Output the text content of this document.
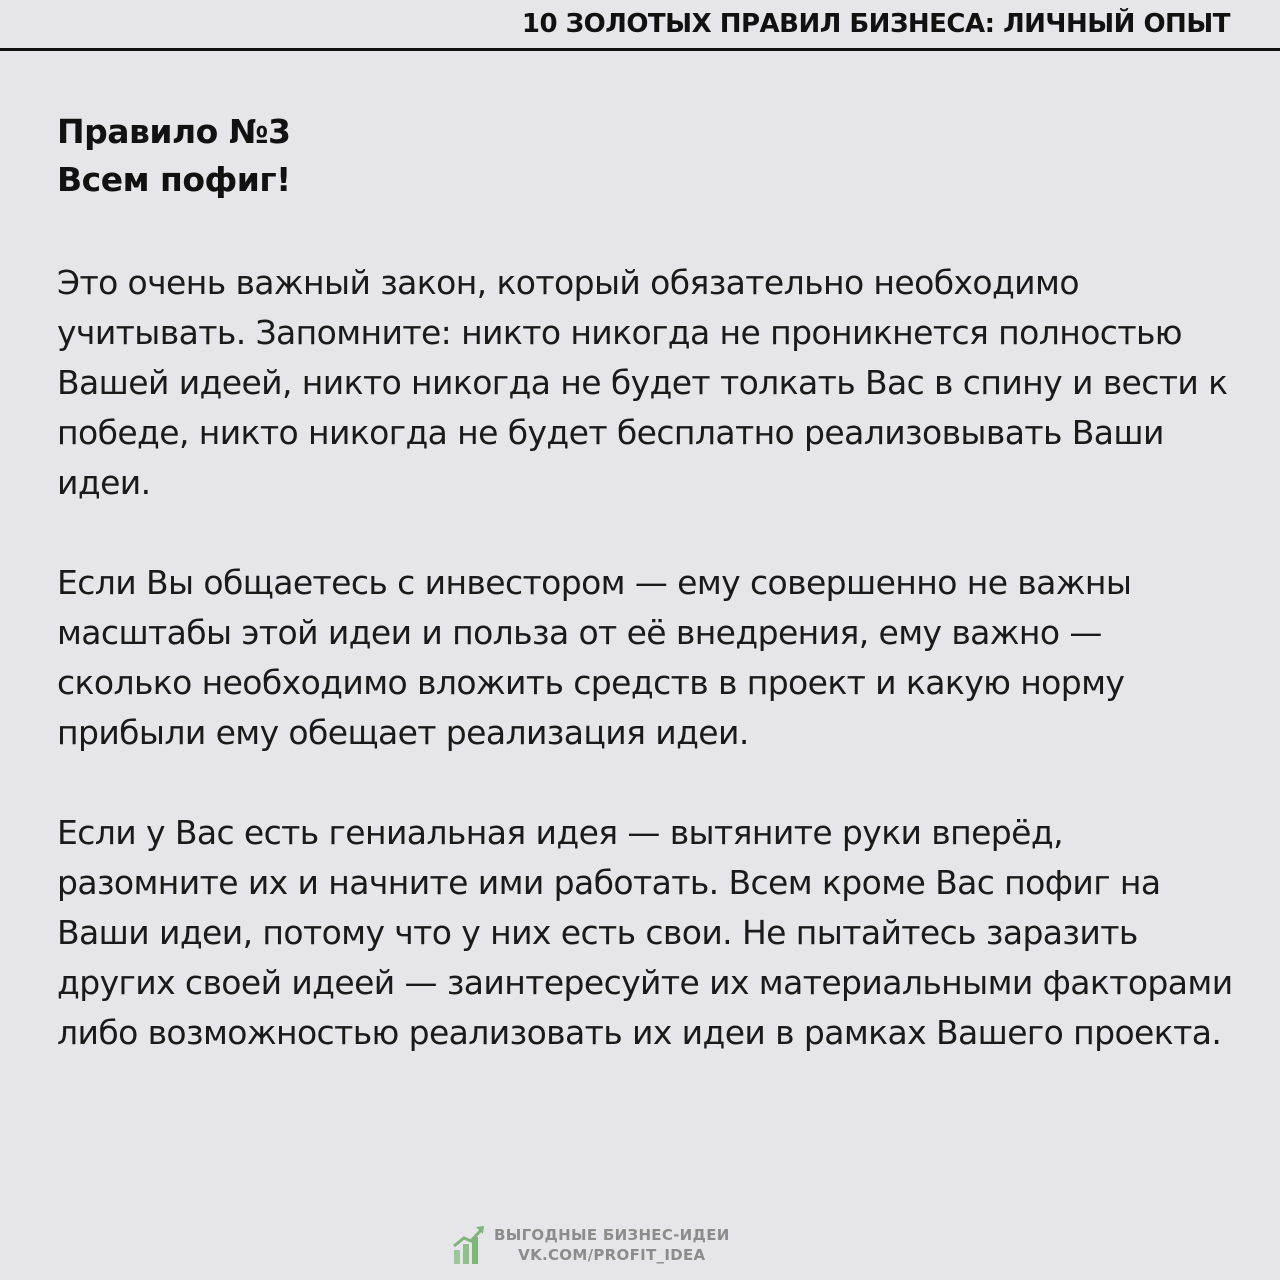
10 ЗОЛОТЫХ ПРАВИЛ БИЗНЕСА: ЛИЧНЫЙ ОПЫТ

Правило №3

Всем пофиг!

Это очень важный закон, который обязательно необходимо учитывать. Запомните: никто никогда не проникнется полностью Вашей идеей, никто никогда не будет толкать Вас в спину и вести к победе, никто никогда не будет бесплатно реализовывать Ваши идеи.

Если Вы общаетесь с инвестором — ему совершенно не важны масштабы этой идеи и польза от её внедрения, ему важно — сколько необходимо вложить средств в проект и какую норму прибыли ему обещает реализация идеи.

Если у Вас есть гениальная идея — вытяните руки вперёд, разомните их и начните ими работать. Всем кроме Вас пофиг на Ваши идеи, потому что у них есть свои. Не пытайтесь заразить других своей идеей — заинтересуйте их материальными факторами либо возможностью реализовать их идеи в рамках Вашего проекта.

ВЫГОДНЫЕ БИЗНЕС-ИДЕИ
VK.COM/PROFIT_IDEA
